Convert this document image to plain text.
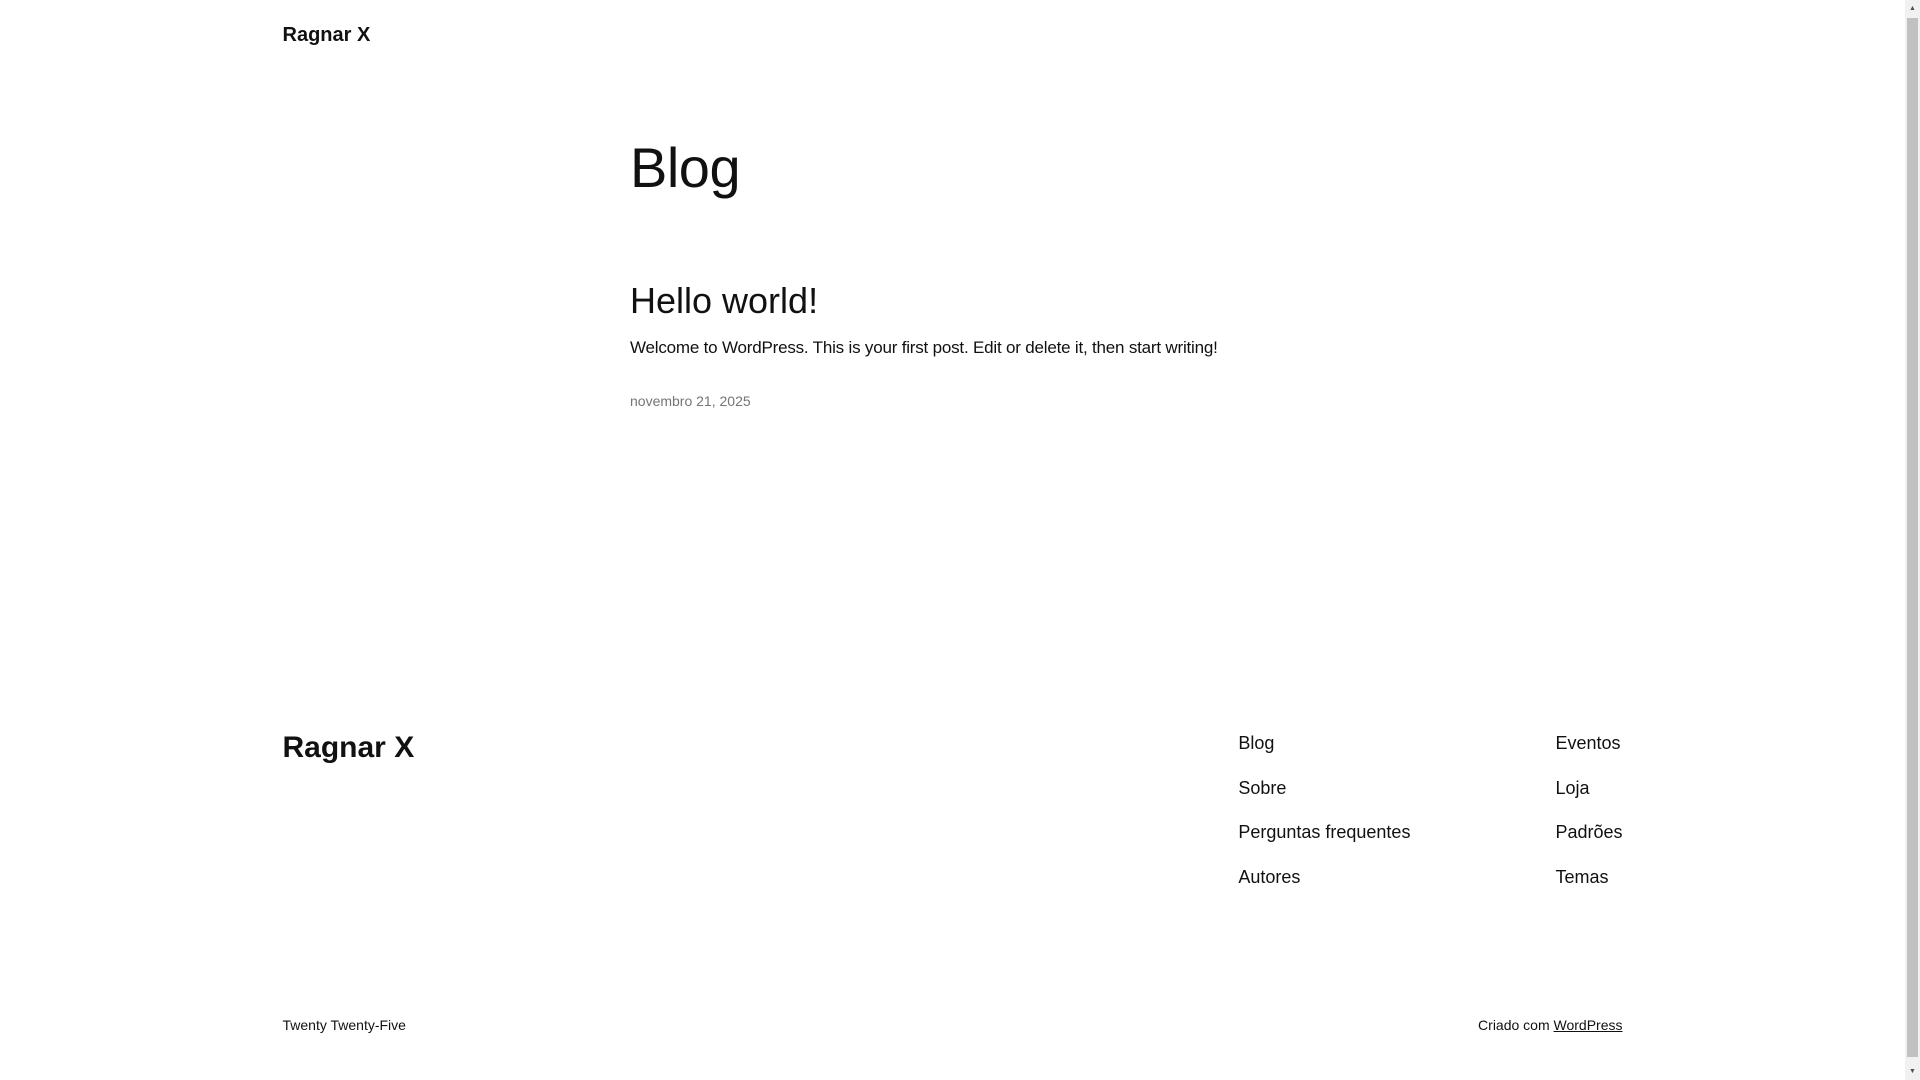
Ragnar X
Blog
Hello world!

Welcome to WordPress. This is your first post. Edit or delete it, then start writing!

novembro 21, 2025
Ragnar X	Blog
Sobre
Perguntas frequentes
Autores
Eventos
Loja
Padrões
Temas
Twenty Twenty-Five	Criado com WordPress
▲
▼
